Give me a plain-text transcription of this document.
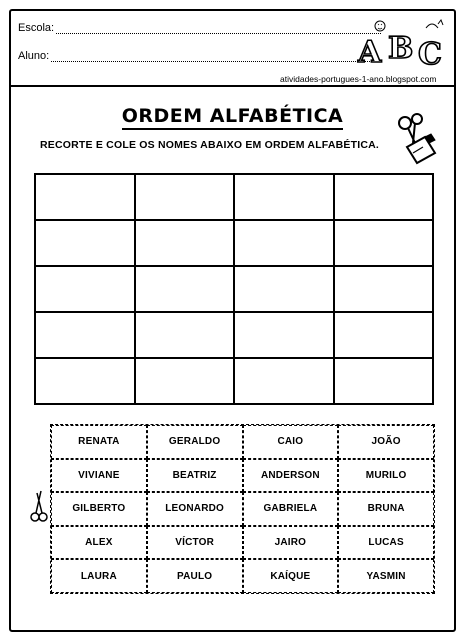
Escola:
Aluno:	A B C
atividades-portugues-1-ano.blogspot.com
ORDEM ALFABÉTICA
RECORTE E COLE OS NOMES ABAIXO EM ORDEM ALFABÉTICA.
RENATA	GERALDO	CAIO	JOÃO
VIVIANE	BEATRIZ	ANDERSON	MURILO
GILBERTO	LEONARDO	GABRIELA	BRUNA
ALEX	VÍCTOR	JAIRO	LUCAS
LAURA	PAULO	KAÍQUE	YASMIN
